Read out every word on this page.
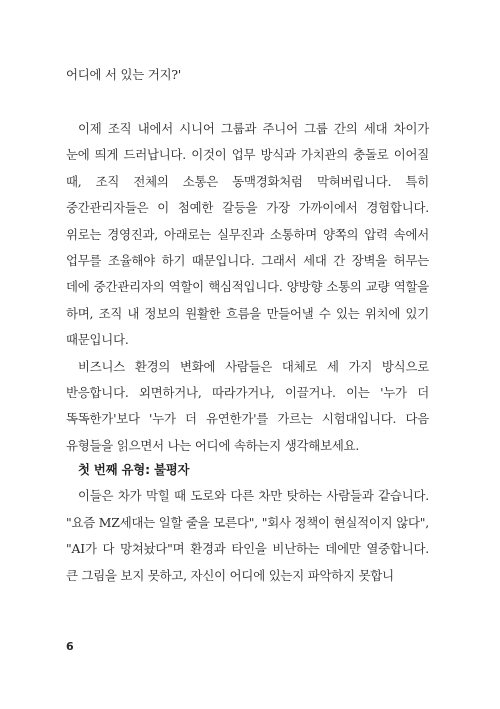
어디에 서 있는 거지?'

이제 조직 내에서 시니어 그룹과 주니어 그룹 간의 세대 차이가 눈에 띄게 드러납니다. 이것이 업무 방식과 가치관의 충돌로 이어질 때, 조직 전체의 소통은 동맥경화처럼 막혀버립니다. 특히 중간관리자들은 이 첨예한 갈등을 가장 가까이에서 경험합니다. 위로는 경영진과, 아래로는 실무진과 소통하며 양쪽의 압력 속에서 업무를 조율해야 하기 때문입니다. 그래서 세대 간 장벽을 허무는 데에 중간관리자의 역할이 핵심적입니다. 양방향 소통의 교량 역할을 하며, 조직 내 정보의 원활한 흐름을 만들어낼 수 있는 위치에 있기 때문입니다.

비즈니스 환경의 변화에 사람들은 대체로 세 가지 방식으로 반응합니다. 외면하거나, 따라가거나, 이끌거나. 이는 '누가 더 똑똑한가'보다 '누가 더 유연한가'를 가르는 시험대입니다. 다음 유형들을 읽으면서 나는 어디에 속하는지 생각해보세요.

첫 번째 유형: 불평자

이들은 차가 막힐 때 도로와 다른 차만 탓하는 사람들과 같습니다. "요즘 MZ세대는 일할 줄을 모른다", "회사 정책이 현실적이지 않다", "AI가 다 망쳐놨다"며 환경과 타인을 비난하는 데에만 열중합니다. 큰 그림을 보지 못하고, 자신이 어디에 있는지 파악하지 못합니

6
